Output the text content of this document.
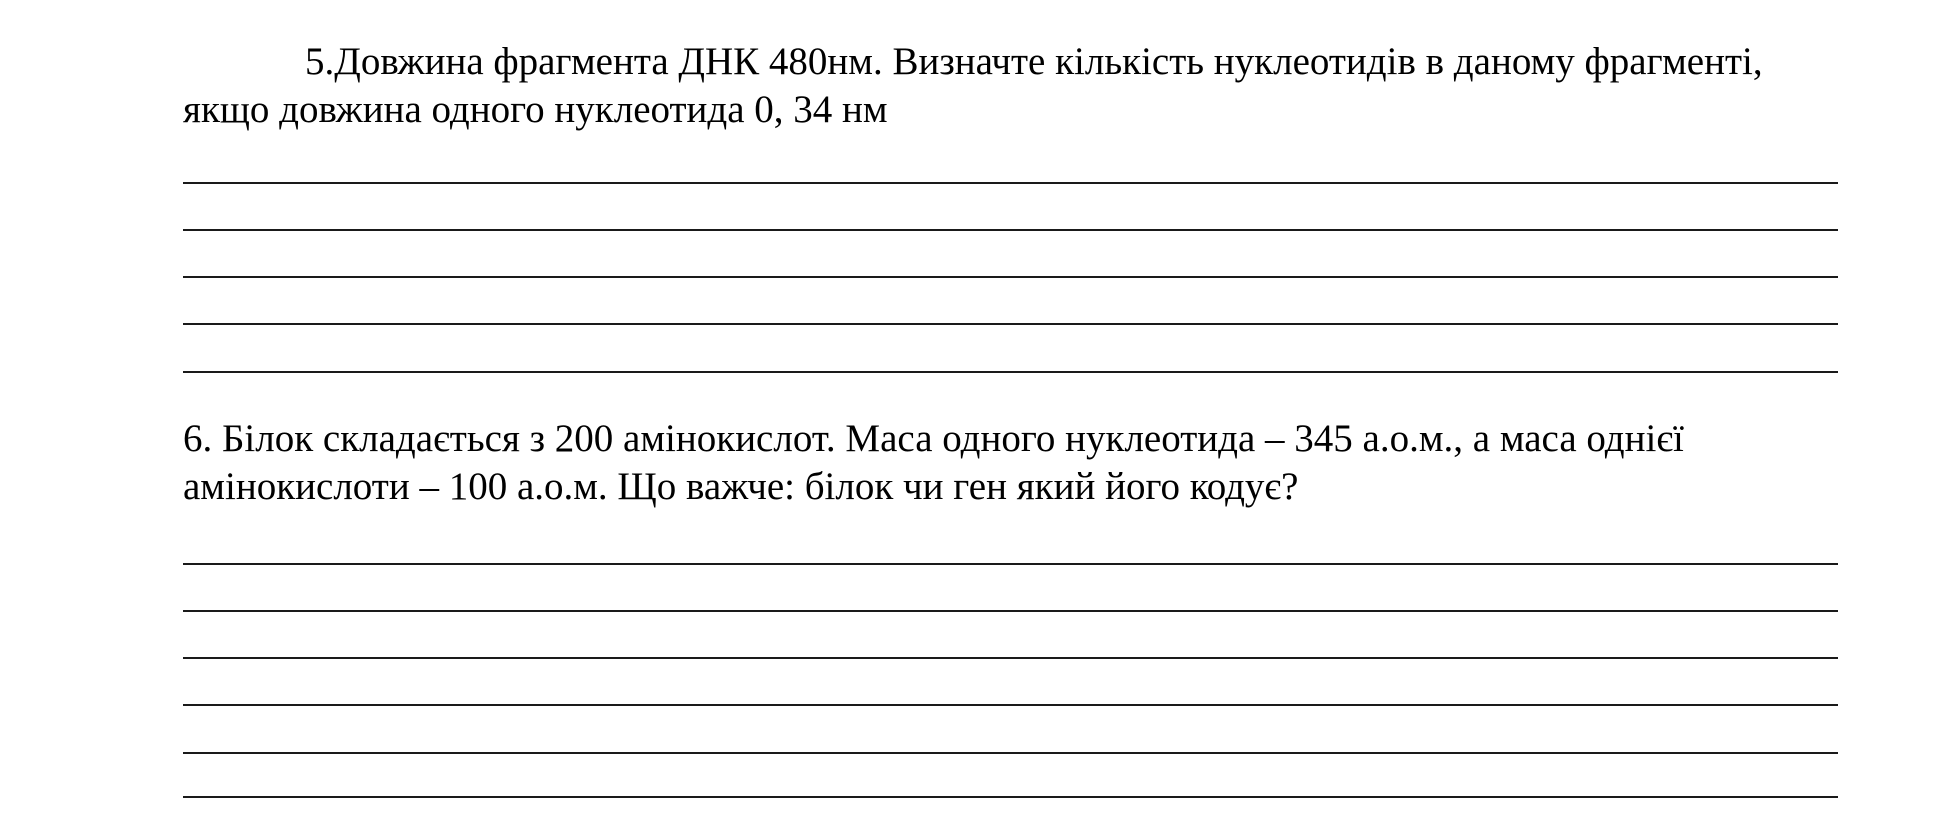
5.Довжина фрагмента ДНК 480нм. Визначте кількість нуклеотидів в даному фрагменті, якщо довжина одного нуклеотида 0, 34 нм

6. Білок складається з 200 амінокислот. Маса одного нуклеотида – 345 а.о.м., а маса однієї амінокислоти – 100 а.о.м. Що важче: білок чи ген який його кодує?
